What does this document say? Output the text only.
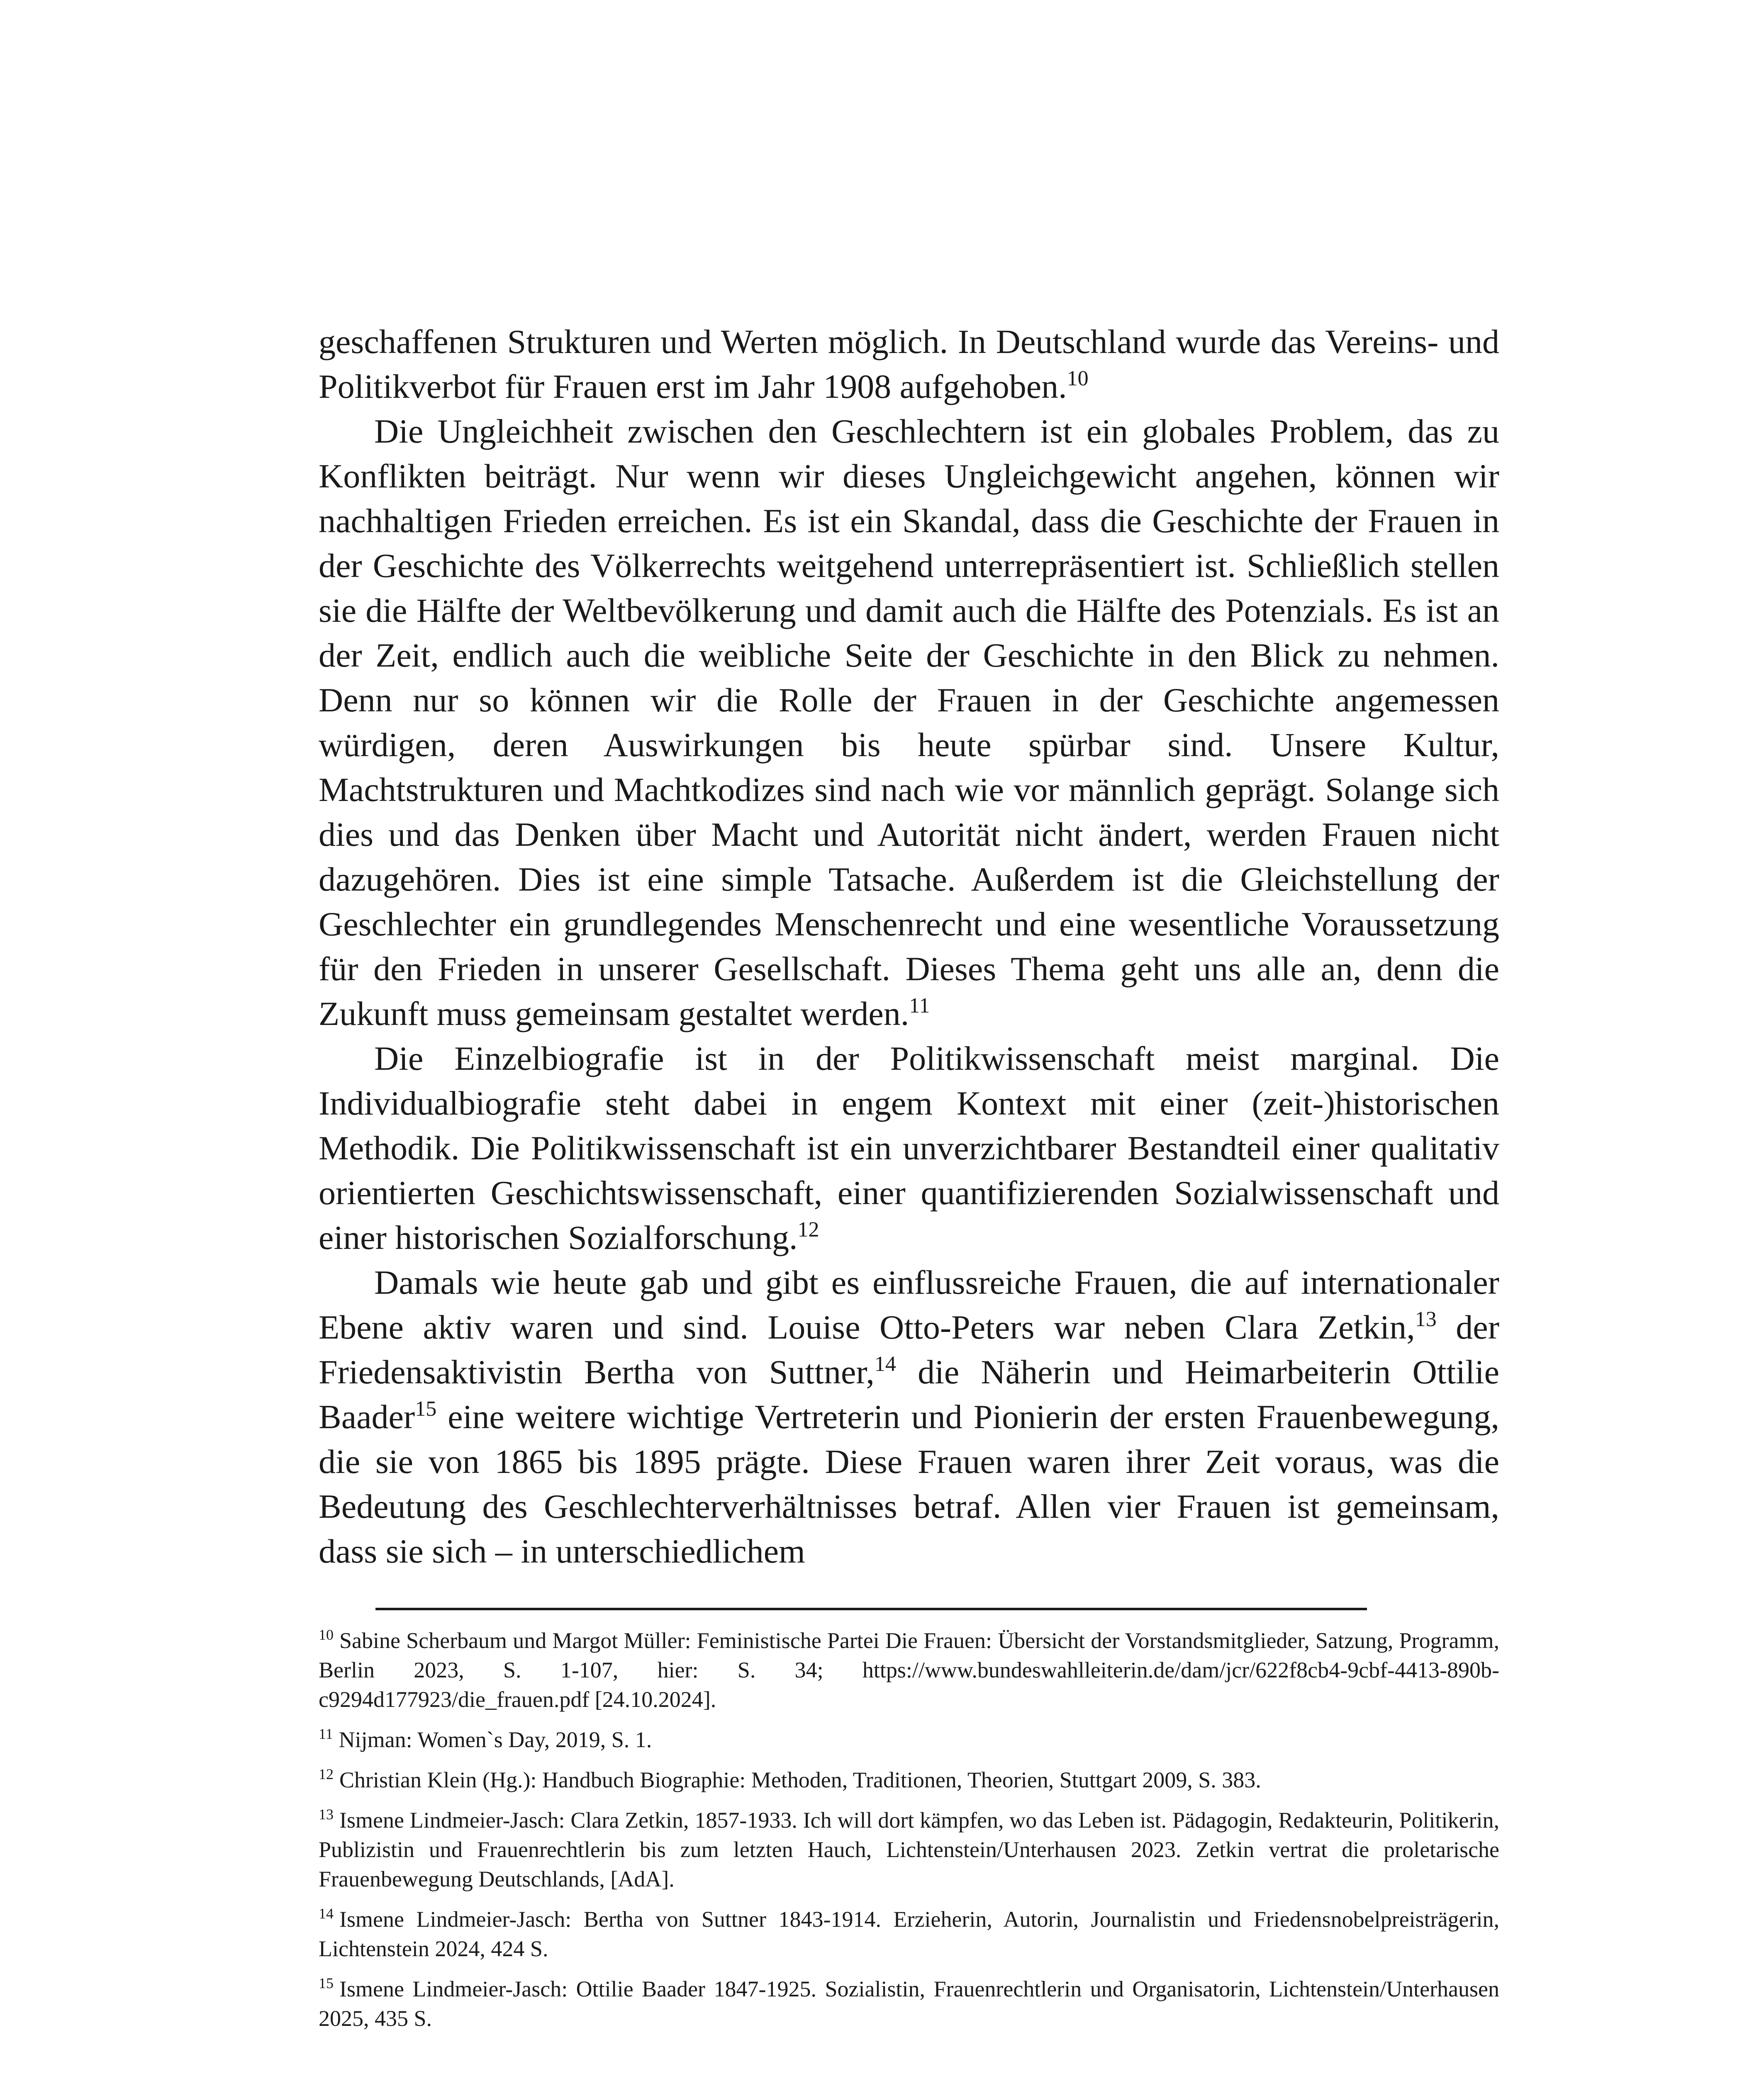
geschaffenen Strukturen und Werten möglich. In Deutschland wurde das Vereins- und Politikverbot für Frauen erst im Jahr 1908 aufgehoben.$^{10}$

Die Ungleichheit zwischen den Geschlechtern ist ein globales Problem, das zu Konflikten beiträgt. Nur wenn wir dieses Ungleichgewicht angehen, können wir nachhaltigen Frieden erreichen. Es ist ein Skandal, dass die Geschichte der Frauen in der Geschichte des Völkerrechts weitgehend unterrepräsentiert ist. Schließlich stellen sie die Hälfte der Weltbevölkerung und damit auch die Hälfte des Potenzials. Es ist an der Zeit, endlich auch die weibliche Seite der Geschichte in den Blick zu nehmen. Denn nur so können wir die Rolle der Frauen in der Geschichte angemessen würdigen, deren Auswirkungen bis heute spürbar sind. Unsere Kultur, Machtstrukturen und Machtkodizes sind nach wie vor männlich geprägt. Solange sich dies und das Denken über Macht und Autorität nicht ändert, werden Frauen nicht dazugehören. Dies ist eine simple Tatsache. Außerdem ist die Gleichstellung der Geschlechter ein grundlegendes Menschenrecht und eine wesentliche Voraussetzung für den Frieden in unserer Gesellschaft. Dieses Thema geht uns alle an, denn die Zukunft muss gemeinsam gestaltet werden.$^{11}$

Die Einzelbiografie ist in der Politikwissenschaft meist marginal. Die Individualbiografie steht dabei in engem Kontext mit einer (zeit-)historischen Methodik. Die Politikwissenschaft ist ein unverzichtbarer Bestandteil einer qualitativ orientierten Geschichtswissenschaft, einer quantifizierenden Sozialwissenschaft und einer historischen Sozialforschung.$^{12}$

Damals wie heute gab und gibt es einflussreiche Frauen, die auf internationaler Ebene aktiv waren und sind. Louise Otto-Peters war neben Clara Zetkin,$^{13}$ der Friedensaktivistin Bertha von Suttner,$^{14}$ die Näherin und Heimarbeiterin Ottilie Baader$^{15}$ eine weitere wichtige Vertreterin und Pionierin der ersten Frauenbewegung, die sie von 1865 bis 1895 prägte. Diese Frauen waren ihrer Zeit voraus, was die Bedeutung des Geschlechterverhältnisses betraf. Allen vier Frauen ist gemeinsam, dass sie sich – in unterschiedlichem

$^{10}$ Sabine Scherbaum und Margot Müller: Feministische Partei Die Frauen: Übersicht der Vorstandsmitglieder, Satzung, Programm, Berlin 2023, S. 1-107, hier: S. 34; https://www.bundeswahlleiterin.de/dam/jcr/622f8cb4-9cbf-4413-890b-c9294d177923/die_frauen.pdf [24.10.2024].

$^{11}$ Nijman: Women`s Day, 2019, S. 1.

$^{12}$ Christian Klein (Hg.): Handbuch Biographie: Methoden, Traditionen, Theorien, Stuttgart 2009, S. 383.

$^{13}$ Ismene Lindmeier-Jasch: Clara Zetkin, 1857-1933. Ich will dort kämpfen, wo das Leben ist. Pädagogin, Redakteurin, Politikerin, Publizistin und Frauenrechtlerin bis zum letzten Hauch, Lichtenstein/Unterhausen 2023. Zetkin vertrat die proletarische Frauenbewegung Deutschlands, [AdA].

$^{14}$ Ismene Lindmeier-Jasch: Bertha von Suttner 1843-1914. Erzieherin, Autorin, Journalistin und Friedensnobelpreisträgerin, Lichtenstein 2024, 424 S.

$^{15}$ Ismene Lindmeier-Jasch: Ottilie Baader 1847-1925. Sozialistin, Frauenrechtlerin und Organisatorin, Lichtenstein/Unterhausen 2025, 435 S.
